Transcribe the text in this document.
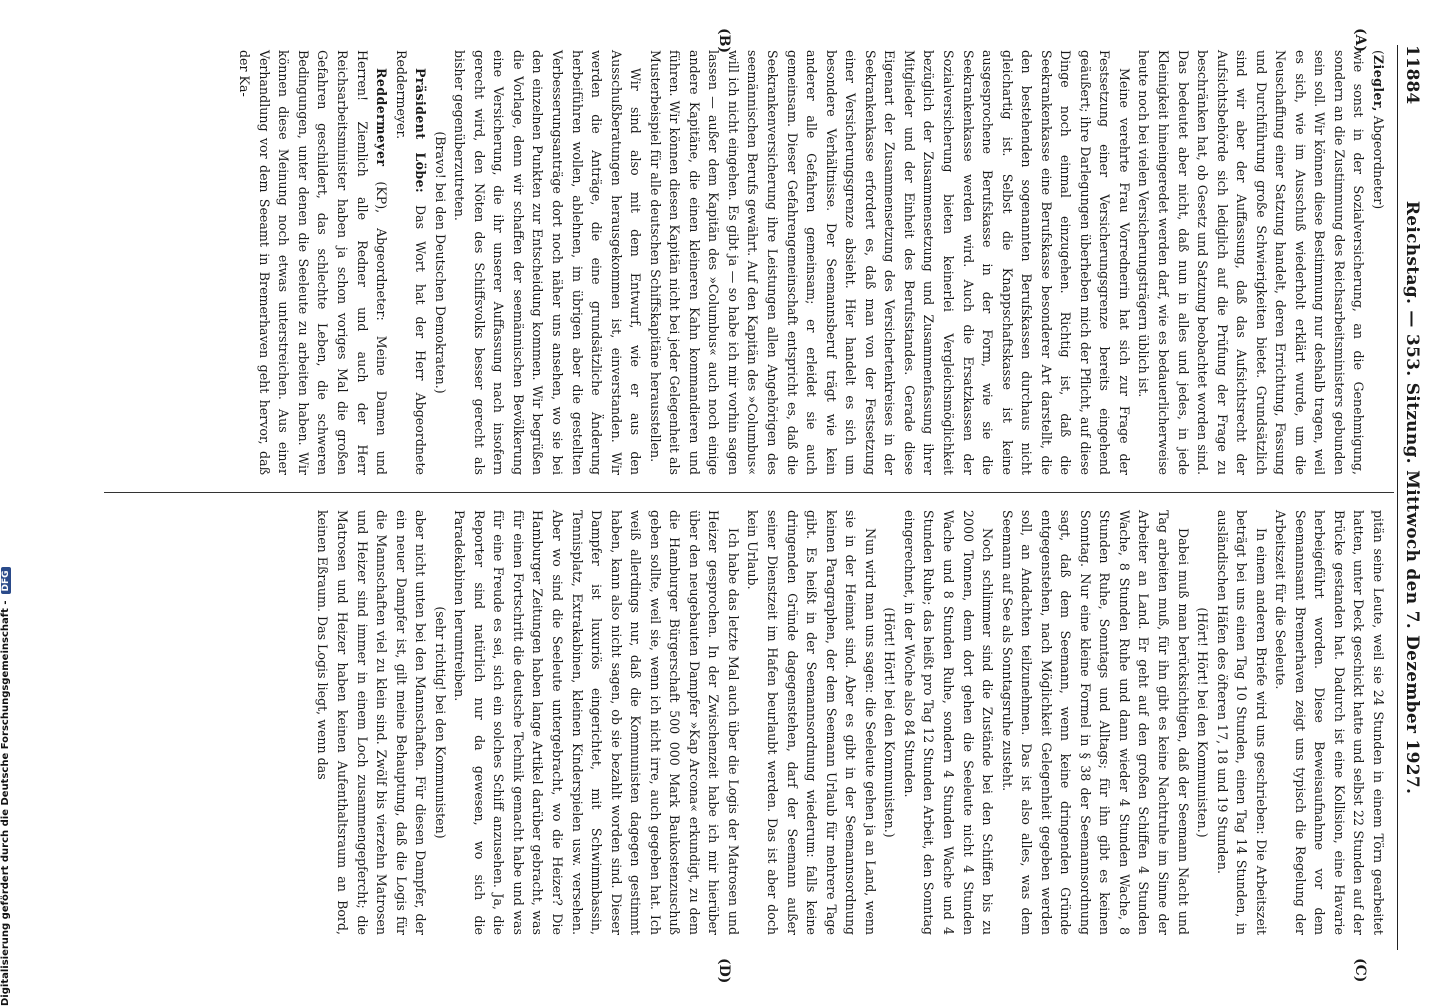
11884
Reichstag. — 353. Sitzung. Mittwoch den 7. Dezember 1927.
(A)
(B)
(C)
(D)

(Ziegler, Abgeordneter)

wie sonst in der Sozialversicherung, an die Genehmigung, sondern an die Zustimmung des Reichsarbeitsministers gebunden sein soll. Wir können diese Bestimmung nur deshalb tragen, weil es sich, wie im Ausschuß wiederholt erklärt wurde, um die Neuschaffung einer Satzung handelt, deren Errichtung, Fassung und Durchführung große Schwierigkeiten bietet. Grundsätzlich sind wir aber der Auffassung, daß das Aufsichtsrecht der Aufsichtsbehörde sich lediglich auf die Prüfung der Frage zu beschränken hat, ob Gesetz und Satzung beobachtet worden sind. Das bedeutet aber nicht, daß nun in alles und jedes, in jede Kleinigkeit hineingeredet werden darf, wie es bedauerlicherweise heute noch bei vielen Versicherungsträgern üblich ist.

Meine verehrte Frau Vorrednerin hat sich zur Frage der Festsetzung einer Versicherungsgrenze bereits eingehend geäußert; ihre Darlegungen überheben mich der Pflicht, auf diese Dinge noch einmal einzugehen. Richtig ist, daß die Seekrankenkasse eine Berufskasse besonderer Art darstellt, die den bestehenden sogenannten Berufskassen durchaus nicht gleichartig ist. Selbst die Knappschaftskasse ist keine ausgesprochene Berufskasse in der Form, wie sie die Seekrankenkasse werden wird. Auch die Ersatzkassen der Sozialversicherung bieten keinerlei Vergleichsmöglichkeit bezüglich der Zusammensetzung und Zusammenfassung ihrer Mitglieder und der Einheit des Berufsstandes. Gerade diese Eigenart der Zusammensetzung des Versichertenkreises in der Seekrankenkasse erfordert es, daß man von der Festsetzung einer Versicherungsgrenze absieht. Hier handelt es sich um besondere Verhältnisse. Der Seemannsberuf trägt wie kein anderer alle Gefahren gemeinsam; er erleidet sie auch gemeinsam. Dieser Gefahrengemeinschaft entspricht es, daß die Seekrankenversicherung ihre Leistungen allen Angehörigen des seemännischen Berufs gewährt. Auf den Kapitän des »Columbus« will ich nicht eingehen. Es gibt ja — so habe ich mir vorhin sagen lassen — außer dem Kapitän des »Columbus« auch noch einige andere Kapitäne, die einen kleineren Kahn kommandieren und führen. Wir können diesen Kapitän nicht bei jeder Gelegenheit als Musterbeispiel für alle deutschen Schiffskapitäne herausstellen.

Wir sind also mit dem Entwurf, wie er aus den Ausschußberatungen herausgekommen ist, einverstanden. Wir werden die Anträge, die eine grundsätzliche Änderung herbeiführen wollen, ablehnen, im übrigen aber die gestellten Verbesserungsanträge dort noch näher uns ansehen, wo sie bei den einzelnen Punkten zur Entscheidung kommen. Wir begrüßen die Vorlage, denn wir schaffen der seemännischen Bevölkerung eine Versicherung, die ihr unserer Auffassung nach insofern gerecht wird, den Nöten des Schiffsvolks besser gerecht als bisher gegenüberzutreten.

(Bravo! bei den Deutschen Demokraten.)

Präsident Löbe: Das Wort hat der Herr Abgeordnete Reddermeyer.

Reddermeyer (KP), Abgeordneter: Meine Damen und Herren! Ziemlich alle Redner und auch der Herr Reichsarbeitsminister haben ja schon voriges Mal die großen Gefahren geschildert, das schlechte Leben, die schweren Bedingungen, unter denen die Seeleute zu arbeiten haben. Wir können diese Meinung noch etwas unterstreichen. Aus einer Verhandlung vor dem Seeamt in Bremerhaven geht hervor, daß der Ka-

pitän seine Leute, weil sie 24 Stunden in einem Törn gearbeitet hatten, unter Deck geschickt hatte und selbst 22 Stunden auf der Brücke gestanden hat. Dadurch ist eine Kollision, eine Havarie herbeigeführt worden. Diese Beweisaufnahme vor dem Seemannsamt Bremerhaven zeigt uns typisch die Regelung der Arbeitszeit für die Seeleute.

In einem anderen Briefe wird uns geschrieben: Die Arbeitszeit beträgt bei uns einen Tag 10 Stunden, einen Tag 14 Stunden, in ausländischen Häfen des öfteren 17, 18 und 19 Stunden.

(Hört! Hört! bei den Kommunisten.)

Dabei muß man berücksichtigen, daß der Seemann Nacht und Tag arbeiten muß, für ihn gibt es keine Nachtruhe im Sinne der Arbeiter an Land. Er geht auf den großen Schiffen 4 Stunden Wache, 8 Stunden Ruhe und dann wieder 4 Stunden Wache, 8 Stunden Ruhe, Sonntags und Alltags; für ihn gibt es keinen Sonntag. Nur eine kleine Formel in § 38 der Seemannsordnung sagt, daß dem Seemann, wenn keine dringenden Gründe entgegenstehen, nach Möglichkeit Gelegenheit gegeben werden soll, an Andachten teilzunehmen. Das ist also alles, was dem Seemann auf See als Sonntagsruhe zusteht.

Noch schlimmer sind die Zustände bei den Schiffen bis zu 2000 Tonnen, denn dort gehen die Seeleute nicht 4 Stunden Wache und 8 Stunden Ruhe, sondern 4 Stunden Wache und 4 Stunden Ruhe; das heißt pro Tag 12 Stunden Arbeit, den Sonntag eingerechnet, in der Woche also 84 Stunden.

(Hört! Hört! bei den Kommunisten.)

Nun wird man uns sagen: die Seeleute gehen ja an Land, wenn sie in der Heimat sind. Aber es gibt in der Seemannsordnung keinen Paragraphen, der dem Seemann Urlaub für mehrere Tage gibt. Es heißt in der Seemannsordnung wiederum: falls keine dringenden Gründe dagegenstehen, darf der Seemann außer seiner Dienstzeit im Hafen beurlaubt werden. Das ist aber doch kein Urlaub.

Ich habe das letzte Mal auch über die Logis der Matrosen und Heizer gesprochen. In der Zwischenzeit habe ich mir hierüber über den neugebauten Dampfer »Kap Arcona« erkundigt, zu dem die Hamburger Bürgerschaft 500 000 Mark Baukostenzuschuß geben sollte, weil sie, wenn ich nicht irre, auch gegeben hat. Ich weiß allerdings nur, daß die Kommunisten dagegen gestimmt haben, kann also nicht sagen, ob sie bezahlt worden sind. Dieser Dampfer ist luxuriös eingerichtet, mit Schwimmbassin, Tennisplatz, Extrakabinen, kleinen Kinderspielen usw. versehen. Aber wo sind die Seeleute untergebracht, wo die Heizer? Die Hamburger Zeitungen haben lange Artikel darüber gebracht, was für einen Fortschritt die deutsche Technik gemacht habe und was für eine Freude es sei, sich ein solches Schiff anzusehen. Ja, die Reporter sind natürlich nur da gewesen, wo sich die Paradekabinen herumtreiben.

(sehr richtig! bei den Kommunisten)

aber nicht unten bei den Mannschaften. Für diesen Dampfer, der ein neuer Dampfer ist, gilt meine Behauptung, daß die Logis für die Mannschaften viel zu klein sind. Zwölf bis vierzehn Matrosen und Heizer sind immer in einem Loch zusammengepfercht; die Matrosen und Heizer haben keinen Aufenthaltsraum an Bord, keinen Eßraum. Das Logis liegt, wenn das

Digitalisierung gefördert durch die Deutsche Forschungsgemeinschaft -DFG
